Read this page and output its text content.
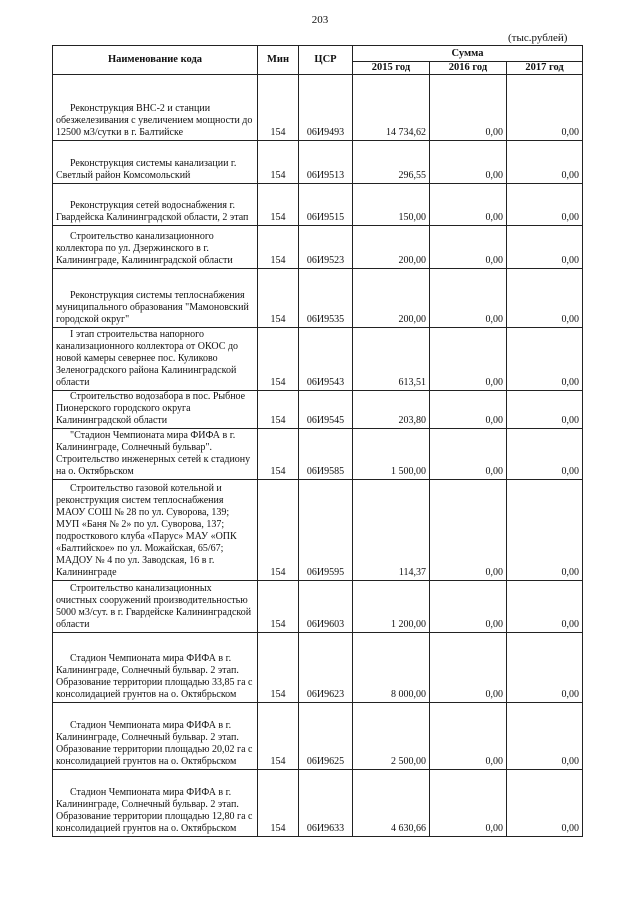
203
(тыс.рублей)
Наименование кода	Мин	ЦСР	Сумма		
			2015 год	2016 год	2017 год

Реконструкция ВНС-2 и станции обезжелезивания с увеличением мощности до 12500 м3/сутки в г. Балтийске	154	06И9493	14 734,62	0,00	0,00

Реконструкция системы канализации г. Светлый район Комсомольский	154	06И9513	296,55	0,00	0,00

Реконструкция сетей водоснабжения г. Гвардейска Калининградской области, 2 этап	154	06И9515	150,00	0,00	0,00

Строительство канализационного коллектора по ул. Дзержинского в г. Калининграде, Калининградской области	154	06И9523	200,00	0,00	0,00

Реконструкция системы теплоснабжения муниципального образования "Мамоновский городской округ"	154	06И9535	200,00	0,00	0,00

I этап строительства напорного канализационного коллектора от ОКОС до новой камеры севернее пос. Куликово Зеленоградского района Калининградской области	154	06И9543	613,51	0,00	0,00

Строительство водозабора в пос. Рыбное Пионерского городского округа Калининградской области	154	06И9545	203,80	0,00	0,00

"Стадион Чемпионата мира ФИФА в г. Калининграде, Солнечный бульвар". Строительство инженерных сетей к стадиону на о. Октябрьском	154	06И9585	1 500,00	0,00	0,00

Строительство газовой котельной и реконструкция систем теплоснабжения МАОУ СОШ № 28 по ул. Суворова, 139; МУП «Баня № 2» по ул. Суворова, 137; подросткового клуба «Парус» МАУ «ОПК «Балтийское» по ул. Можайская, 65/67; МАДОУ № 4 по ул. Заводская, 16 в г. Калининграде	154	06И9595	114,37	0,00	0,00

Строительство канализационных очистных сооружений производительностью 5000 м3/сут. в г. Гвардейске Калининградской области	154	06И9603	1 200,00	0,00	0,00

Стадион Чемпионата мира ФИФА в г. Калининграде, Солнечный бульвар. 2 этап. Образование территории площадью 33,85 га с консолидацией грунтов на о. Октябрьском	154	06И9623	8 000,00	0,00	0,00

Стадион Чемпионата мира ФИФА в г. Калининграде, Солнечный бульвар. 2 этап. Образование территории площадью 20,02 га с консолидацией грунтов на о. Октябрьском	154	06И9625	2 500,00	0,00	0,00

Стадион Чемпионата мира ФИФА в г. Калининграде, Солнечный бульвар. 2 этап. Образование территории площадью 12,80 га с консолидацией грунтов на о. Октябрьском	154	06И9633	4 630,66	0,00	0,00
